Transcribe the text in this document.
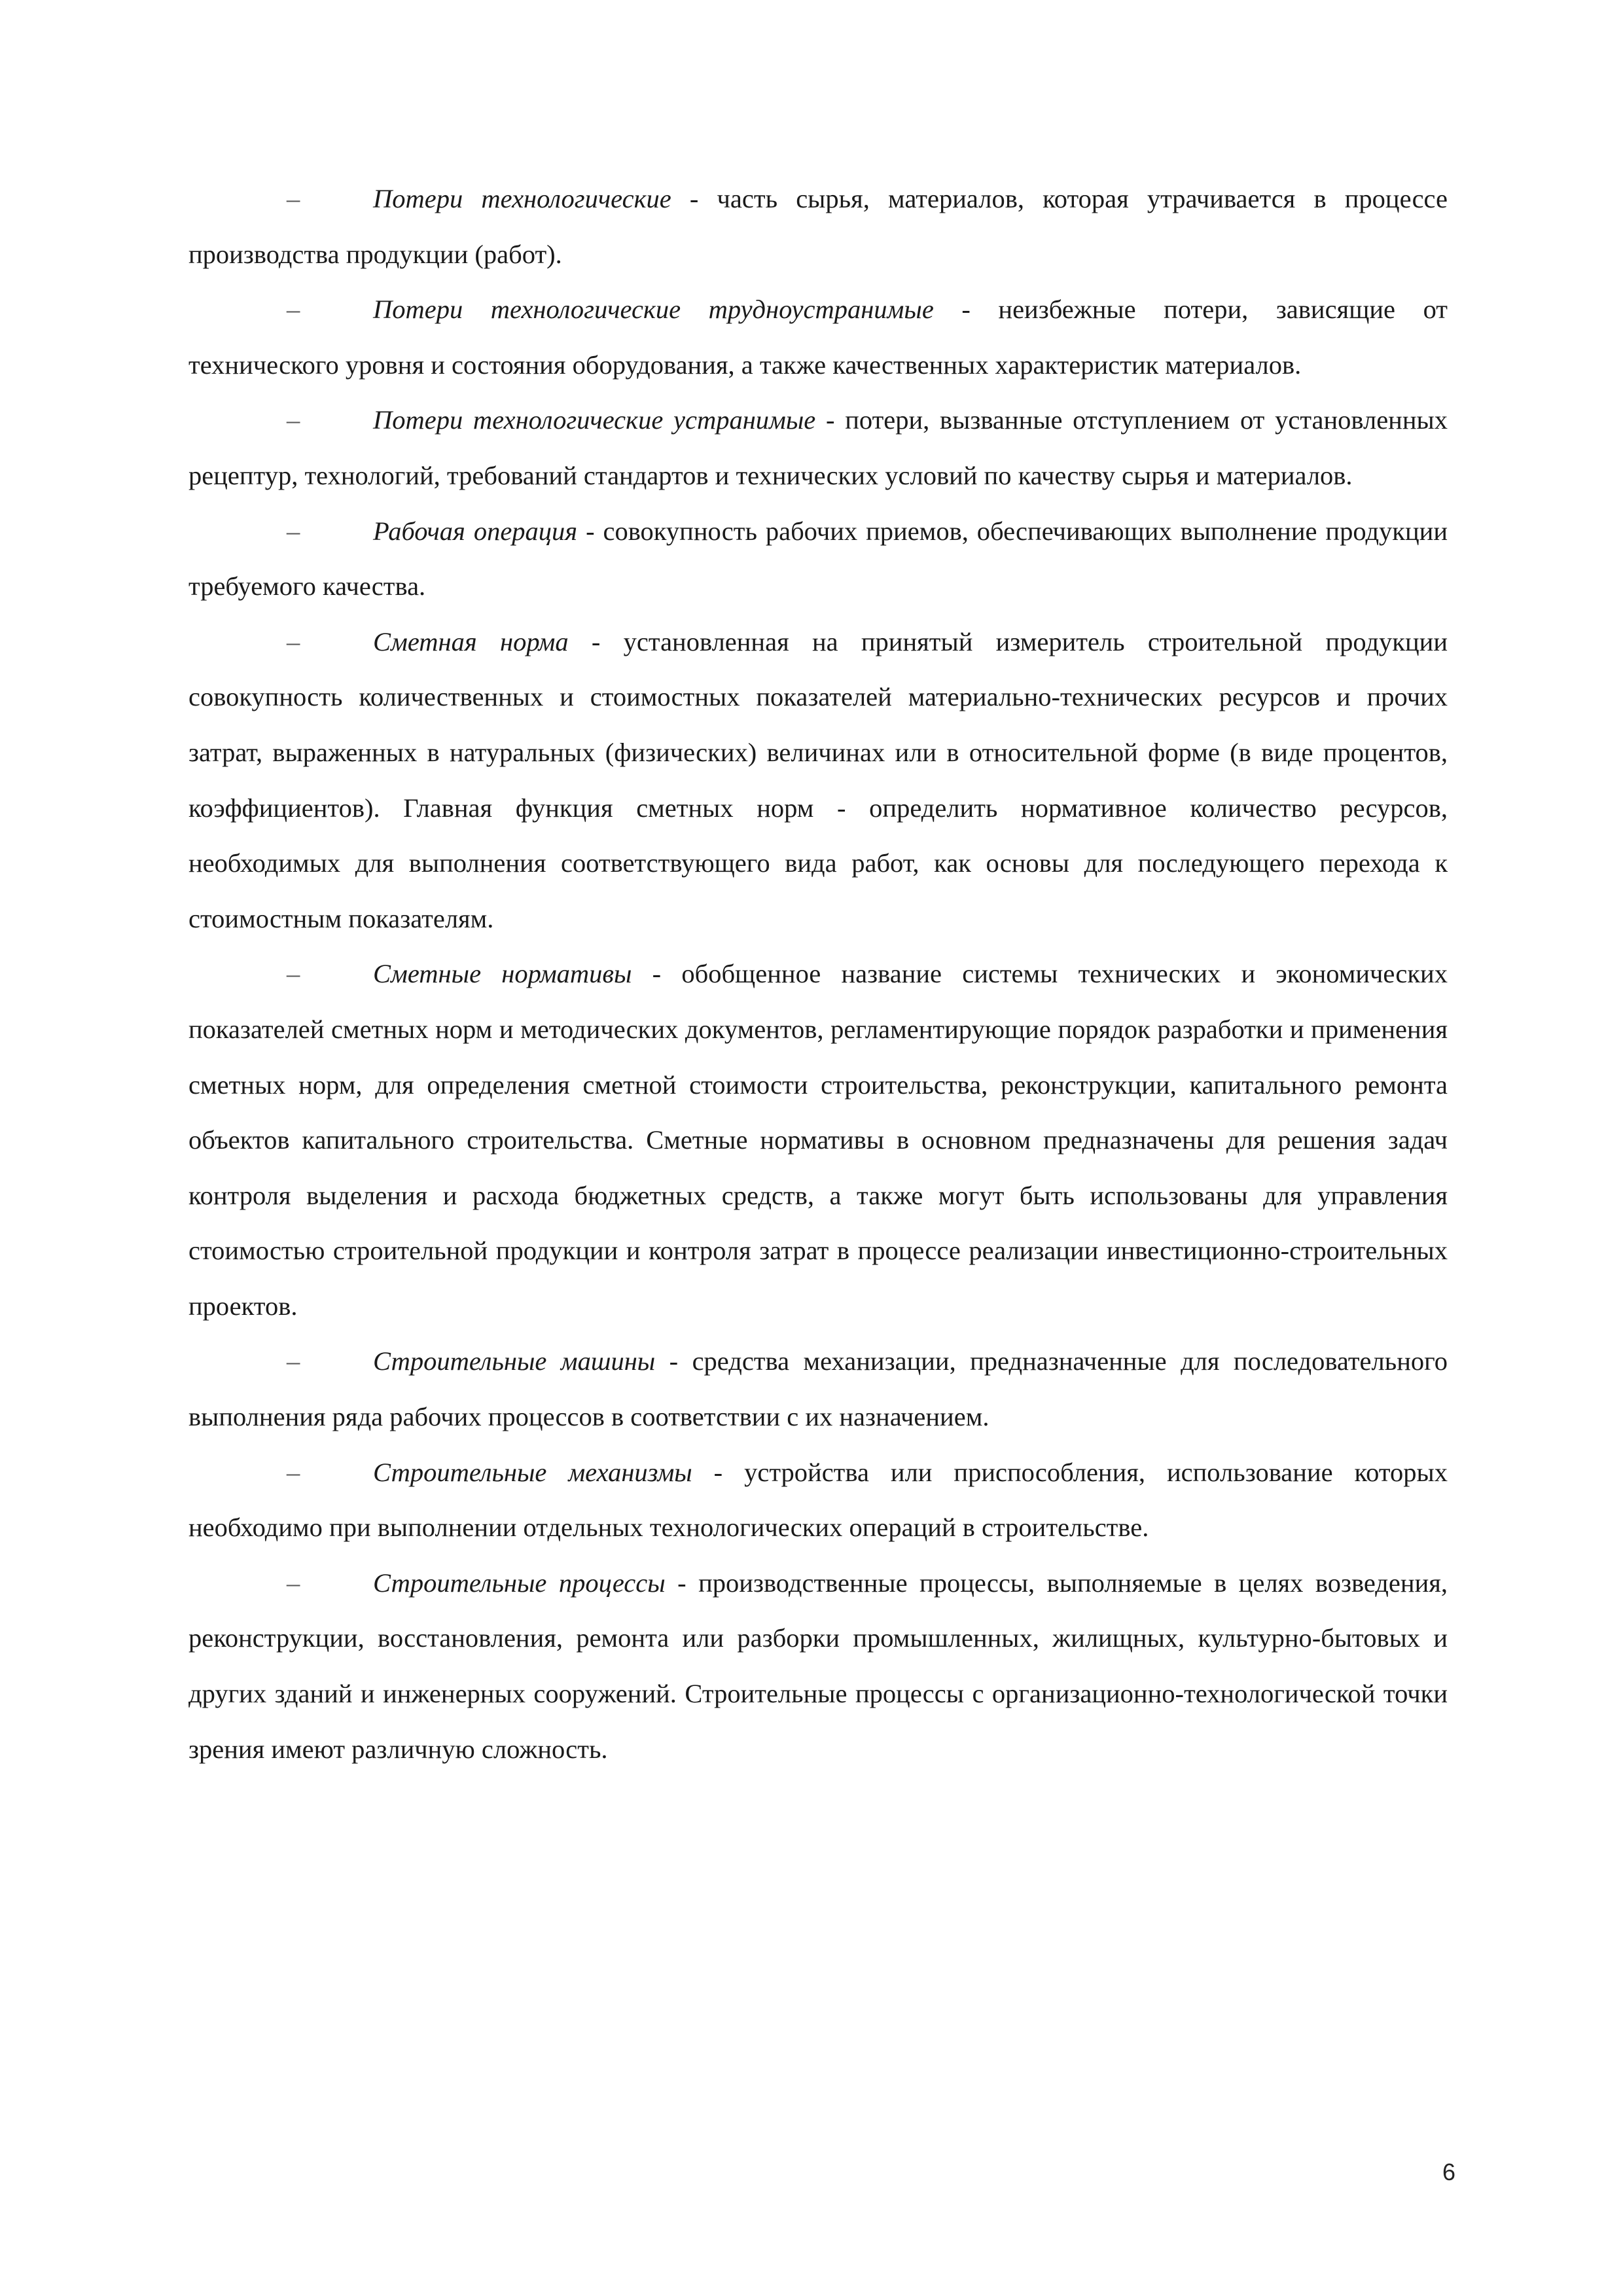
–	Потери технологические - часть сырья, материалов, которая утрачивается в процессе производства продукции (работ).

–	Потери технологические трудноустранимые - неизбежные потери, зависящие от технического уровня и состояния оборудования, а также качественных характеристик материалов.

–	Потери технологические устранимые - потери, вызванные отступлением от установленных рецептур, технологий, требований стандартов и технических условий по качеству сырья и материалов.

–	Рабочая операция - совокупность рабочих приемов, обеспечивающих выполнение продукции требуемого качества.

–	Сметная норма - установленная на принятый измеритель строительной продукции совокупность количественных и стоимостных показателей материально-технических ресурсов и прочих затрат, выраженных в натуральных (физических) величинах или в относительной форме (в виде процентов, коэффициентов). Главная функция сметных норм - определить нормативное количество ресурсов, необходимых для выполнения соответствующего вида работ, как основы для последующего перехода к стоимостным показателям.

–	Сметные нормативы - обобщенное название системы технических и экономических показателей сметных норм и методических документов, регламентирующие порядок разработки и применения сметных норм, для определения сметной стоимости строительства, реконструкции, капитального ремонта объектов капитального строительства. Сметные нормативы в основном предназначены для решения задач контроля выделения и расхода бюджетных средств, а также могут быть использованы для управления стоимостью строительной продукции и контроля затрат в процессе реализации инвестиционно-строительных проектов.

–	Строительные машины - средства механизации, предназначенные для последовательного выполнения ряда рабочих процессов в соответствии с их назначением.

–	Строительные механизмы - устройства или приспособления, использование которых необходимо при выполнении отдельных технологических операций в строительстве.

–	Строительные процессы - производственные процессы, выполняемые в целях возведения, реконструкции, восстановления, ремонта или разборки промышленных, жилищных, культурно-бытовых и других зданий и инженерных сооружений. Строительные процессы с организационно-технологической точки зрения имеют различную сложность.

6
